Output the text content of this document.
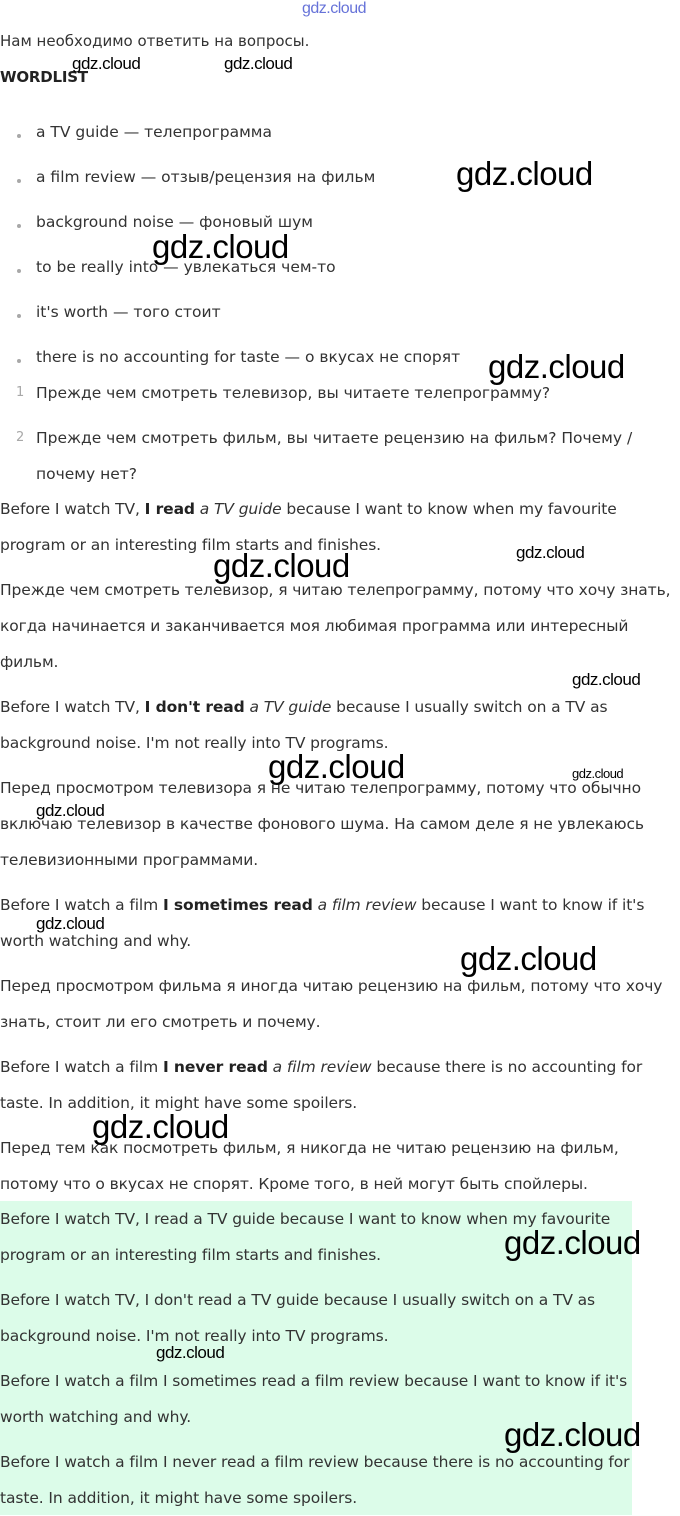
Нам необходимо ответить на вопросы.
WORDLIST
a TV guide — телепрограмма
a film review — отзыв/рецензия на фильм
background noise — фоновый шум
to be really into — увлекаться чем-то
it's worth — того стоит
there is no accounting for taste — о вкусах не спорят
1 Прежде чем смотреть телевизор, вы читаете телепрограмму?
2 Прежде чем смотреть фильм, вы читаете рецензию на фильм? Почему / почему нет?
Before I watch TV, I read a TV guide because I want to know when my favourite program or an interesting film starts and finishes.
Прежде чем смотреть телевизор, я читаю телепрограмму, потому что хочу знать, когда начинается и заканчивается моя любимая программа или интересный фильм.
Before I watch TV, I don't read a TV guide because I usually switch on a TV as background noise. I'm not really into TV programs.
Перед просмотром телевизора я не читаю телепрограмму, потому что обычно включаю телевизор в качестве фонового шума. На самом деле я не увлекаюсь телевизионными программами.
Before I watch a film I sometimes read a film review because I want to know if it's worth watching and why.
Перед просмотром фильма я иногда читаю рецензию на фильм, потому что хочу знать, стоит ли его смотреть и почему.
Before I watch a film I never read a film review because there is no accounting for taste. In addition, it might have some spoilers.
Перед тем как посмотреть фильм, я никогда не читаю рецензию на фильм, потому что о вкусах не спорят. Кроме того, в ней могут быть спойлеры.
Before I watch TV, I read a TV guide because I want to know when my favourite program or an interesting film starts and finishes.
Before I watch TV, I don't read a TV guide because I usually switch on a TV as background noise. I'm not really into TV programs.
Before I watch a film I sometimes read a film review because I want to know if it's worth watching and why.
Before I watch a film I never read a film review because there is no accounting for taste. In addition, it might have some spoilers.
gdz.cloud
gdz.cloud	gdz.cloud
gdz.cloud
gdz.cloud
gdz.cloud
gdz.cloud
gdz.cloud
gdz.cloud
gdz.cloud	gdz.cloud
gdz.cloud
gdz.cloud
gdz.cloud
gdz.cloud
gdz.cloud
gdz.cloud
gdz.cloud
